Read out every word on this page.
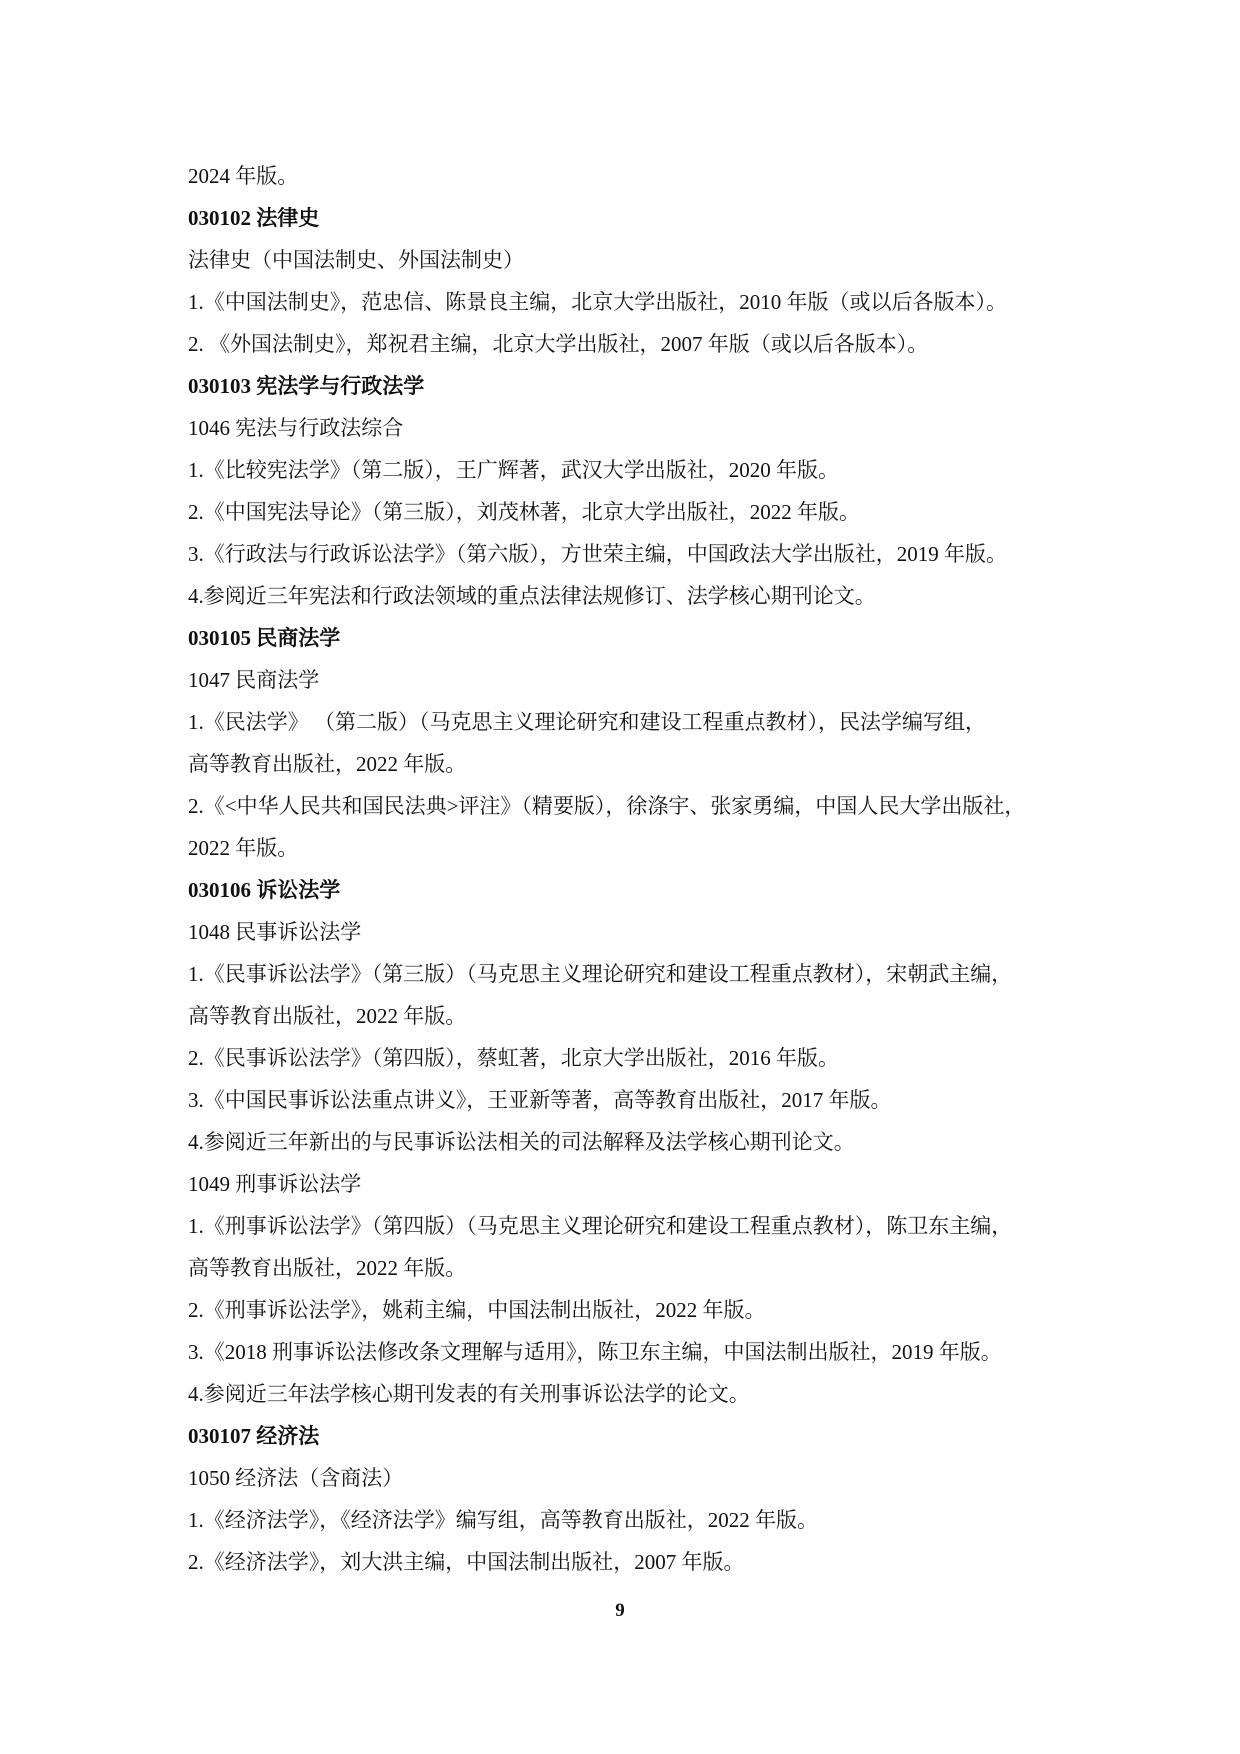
2024 年版。

030102 法律史

法律史（中国法制史、外国法制史）

1.《中国法制史》，范忠信、陈景良主编，北京大学出版社，2010 年版（或以后各版本）。

2. 《外国法制史》，郑祝君主编，北京大学出版社，2007 年版（或以后各版本）。

030103 宪法学与行政法学

1046 宪法与行政法综合

1.《比较宪法学》（第二版），王广辉著，武汉大学出版社，2020 年版。

2.《中国宪法导论》（第三版），刘茂林著，北京大学出版社，2022 年版。

3.《行政法与行政诉讼法学》（第六版），方世荣主编，中国政法大学出版社，2019 年版。

4.参阅近三年宪法和行政法领域的重点法律法规修订、法学核心期刊论文。

030105 民商法学

1047 民商法学

1.《民法学》 （第二版）（马克思主义理论研究和建设工程重点教材），民法学编写组，

高等教育出版社，2022 年版。

2.《<中华人民共和国民法典>评注》（精要版），徐涤宇、张家勇编，中国人民大学出版社，

2022 年版。

030106 诉讼法学

1048 民事诉讼法学

1.《民事诉讼法学》（第三版）（马克思主义理论研究和建设工程重点教材），宋朝武主编，

高等教育出版社，2022 年版。

2.《民事诉讼法学》（第四版），蔡虹著，北京大学出版社，2016 年版。

3.《中国民事诉讼法重点讲义》，王亚新等著，高等教育出版社，2017 年版。

4.参阅近三年新出的与民事诉讼法相关的司法解释及法学核心期刊论文。

1049 刑事诉讼法学

1.《刑事诉讼法学》（第四版）（马克思主义理论研究和建设工程重点教材），陈卫东主编，

高等教育出版社，2022 年版。

2.《刑事诉讼法学》，姚莉主编，中国法制出版社，2022 年版。

3.《2018 刑事诉讼法修改条文理解与适用》，陈卫东主编，中国法制出版社，2019 年版。

4.参阅近三年法学核心期刊发表的有关刑事诉讼法学的论文。

030107 经济法

1050 经济法（含商法）

1.《经济法学》，《经济法学》编写组，高等教育出版社，2022 年版。

2.《经济法学》，刘大洪主编，中国法制出版社，2007 年版。

9
